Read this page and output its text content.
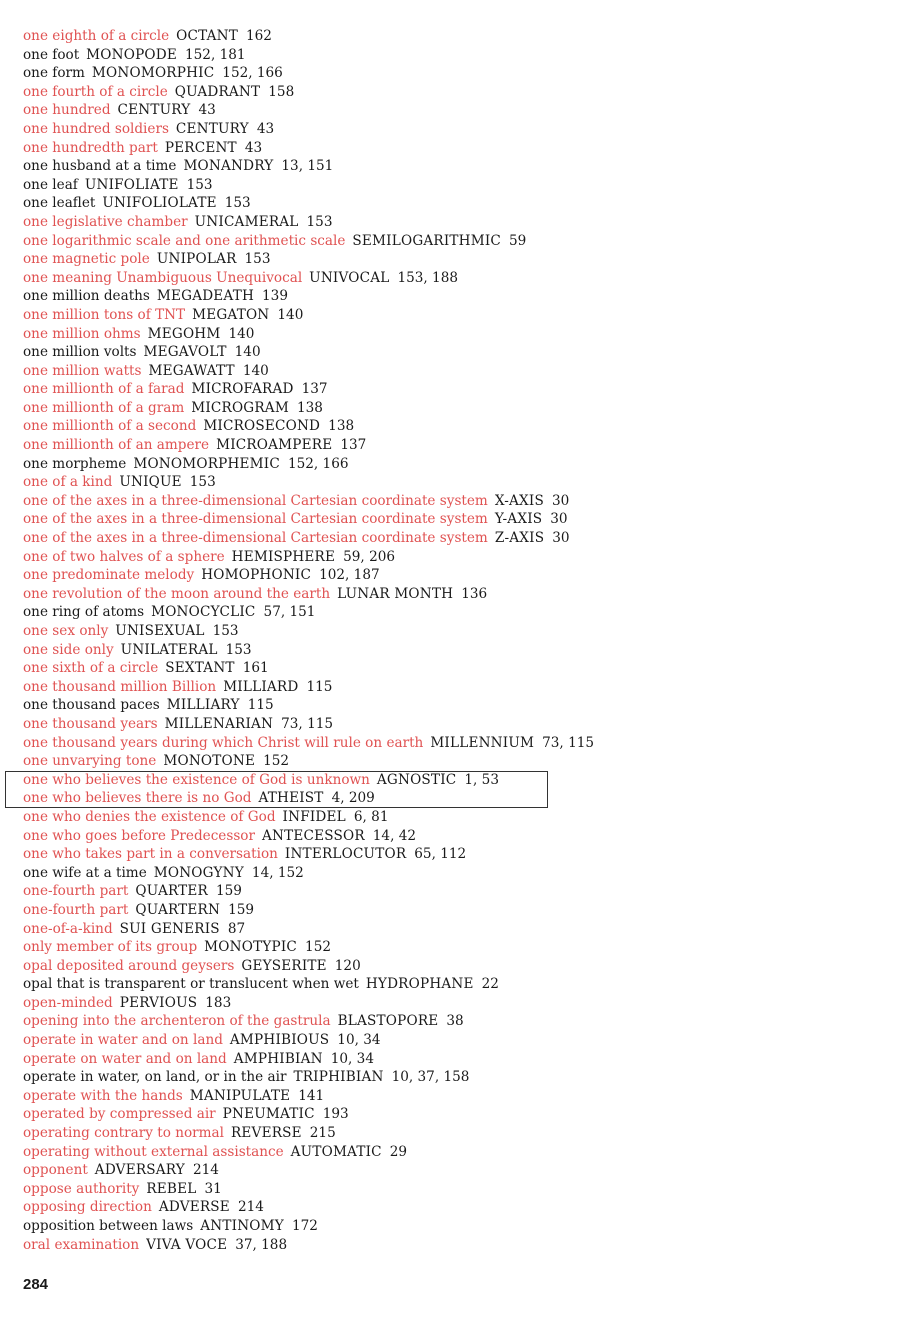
one eighth of a circle OCTANT 162
one foot MONOPODE 152, 181
one form MONOMORPHIC 152, 166
one fourth of a circle QUADRANT 158
one hundred CENTURY 43
one hundred soldiers CENTURY 43
one hundredth part PERCENT 43
one husband at a time MONANDRY 13, 151
one leaf UNIFOLIATE 153
one leaflet UNIFOLIOLATE 153
one legislative chamber UNICAMERAL 153
one logarithmic scale and one arithmetic scale SEMILOGARITHMIC 59
one magnetic pole UNIPOLAR 153
one meaning Unambiguous Unequivocal UNIVOCAL 153, 188
one million deaths MEGADEATH 139
one million tons of TNT MEGATON 140
one million ohms MEGOHM 140
one million volts MEGAVOLT 140
one million watts MEGAWATT 140
one millionth of a farad MICROFARAD 137
one millionth of a gram MICROGRAM 138
one millionth of a second MICROSECOND 138
one millionth of an ampere MICROAMPERE 137
one morpheme MONOMORPHEMIC 152, 166
one of a kind UNIQUE 153
one of the axes in a three-dimensional Cartesian coordinate system X-AXIS 30
one of the axes in a three-dimensional Cartesian coordinate system Y-AXIS 30
one of the axes in a three-dimensional Cartesian coordinate system Z-AXIS 30
one of two halves of a sphere HEMISPHERE 59, 206
one predominate melody HOMOPHONIC 102, 187
one revolution of the moon around the earth LUNAR MONTH 136
one ring of atoms MONOCYCLIC 57, 151
one sex only UNISEXUAL 153
one side only UNILATERAL 153
one sixth of a circle SEXTANT 161
one thousand million Billion MILLIARD 115
one thousand paces MILLIARY 115
one thousand years MILLENARIAN 73, 115
one thousand years during which Christ will rule on earth MILLENNIUM 73, 115
one unvarying tone MONOTONE 152
one who believes the existence of God is unknown AGNOSTIC 1, 53
one who believes there is no God ATHEIST 4, 209
one who denies the existence of God INFIDEL 6, 81
one who goes before Predecessor ANTECESSOR 14, 42
one who takes part in a conversation INTERLOCUTOR 65, 112
one wife at a time MONOGYNY 14, 152
one-fourth part QUARTER 159
one-fourth part QUARTERN 159
one-of-a-kind SUI GENERIS 87
only member of its group MONOTYPIC 152
opal deposited around geysers GEYSERITE 120
opal that is transparent or translucent when wet HYDROPHANE 22
open-minded PERVIOUS 183
opening into the archenteron of the gastrula BLASTOPORE 38
operate in water and on land AMPHIBIOUS 10, 34
operate on water and on land AMPHIBIAN 10, 34
operate in water, on land, or in the air TRIPHIBIAN 10, 37, 158
operate with the hands MANIPULATE 141
operated by compressed air PNEUMATIC 193
operating contrary to normal REVERSE 215
operating without external assistance AUTOMATIC 29
opponent ADVERSARY 214
oppose authority REBEL 31
opposing direction ADVERSE 214
opposition between laws ANTINOMY 172
oral examination VIVA VOCE 37, 188
284
